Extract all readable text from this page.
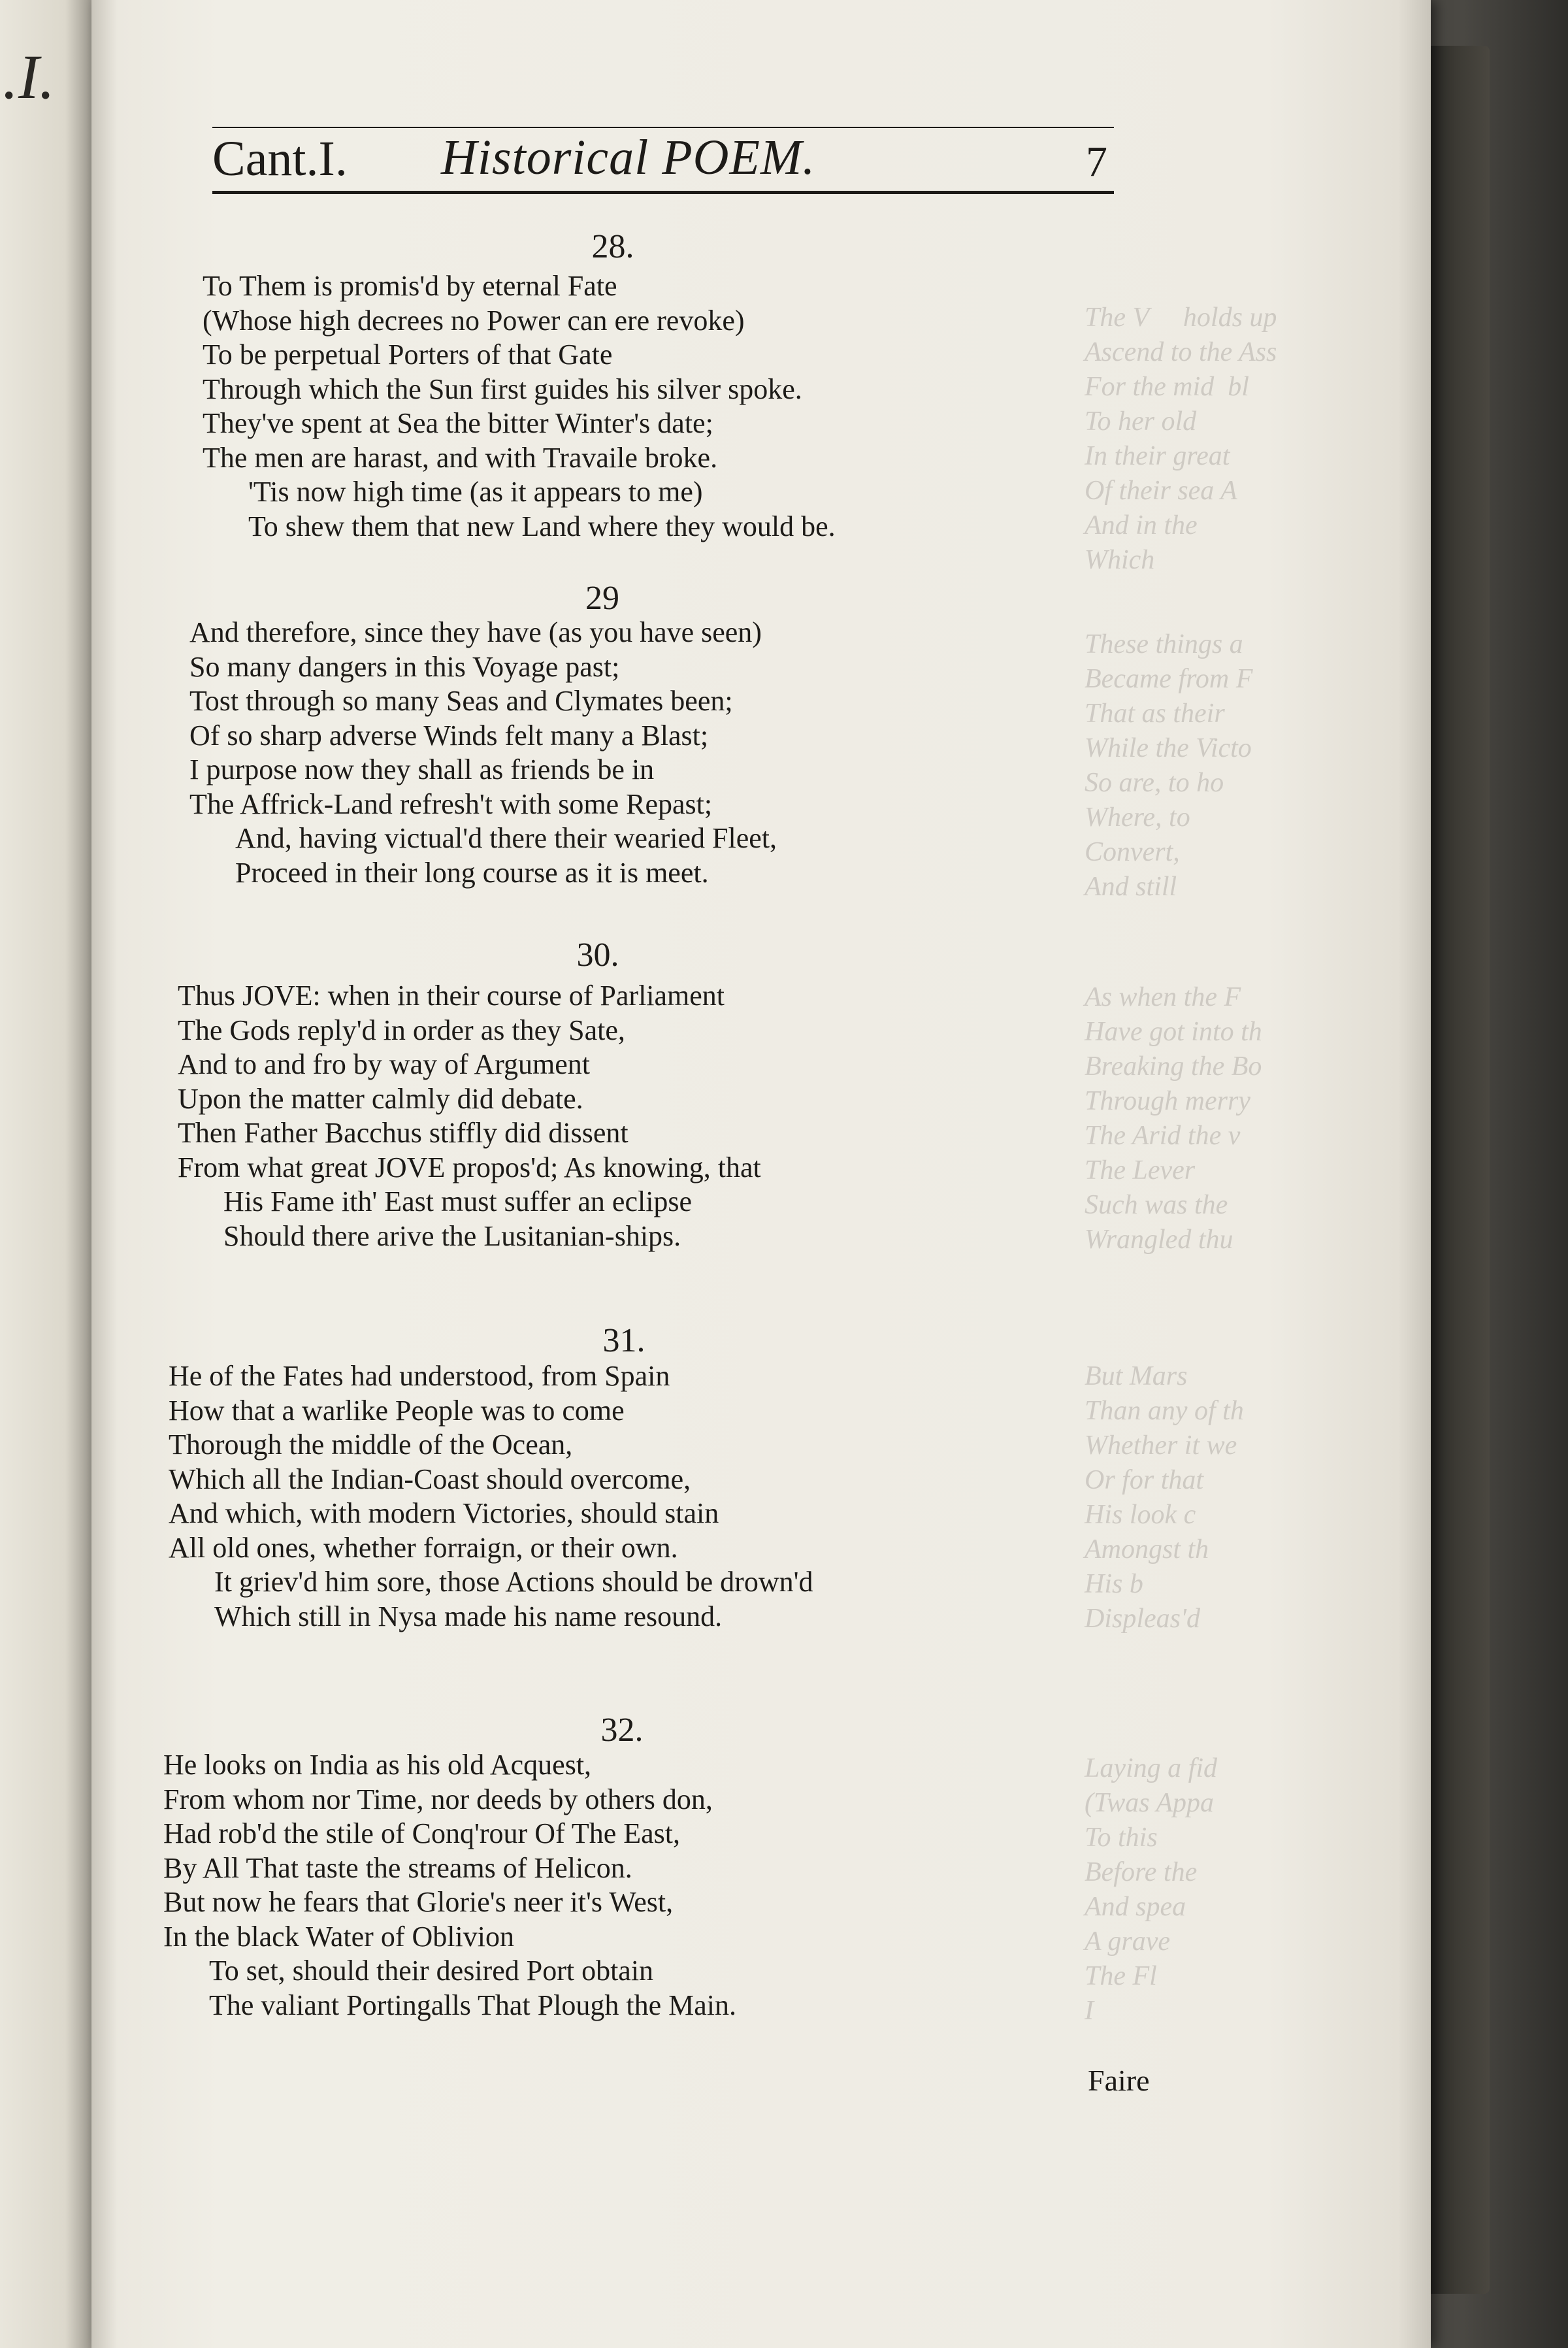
.I.
The V     holds up
Ascend to the Ass
For the mid  bl
To her old
In their great
Of their sea A
And in the
Which
These things a
Became from F
That as their
While the Victo
So are, to ho
Where, to
Convert,
And still
As when the F
Have got into th
Breaking the Bo
Through merry
The Arid the v
The Lever
Such was the
Wrangled thu
But Mars
Than any of th
Whether it we
Or for that
His look c
Amongst th
His b
Displeas'd
Laying a fid
(Twas Appa
To this
Before the
And spea
A grave
The Fl
I
Cant.I. Historical POEM.	7
28.
To Them is promis'd by eternal Fate
(Whose high decrees no Power can ere revoke)
To be perpetual Porters of that Gate
Through which the Sun first guides his silver spoke.
They've spent at Sea the bitter Winter's date;
The men are harast, and with Travaile broke.
'Tis now high time (as it appears to me)
To shew them that new Land where they would be.
29
And therefore, since they have (as you have seen)
So many dangers in this Voyage past;
Tost through so many Seas and Clymates been;
Of so sharp adverse Winds felt many a Blast;
I purpose now they shall as friends be in
The Affrick-Land refresh't with some Repast;
And, having victual'd there their wearied Fleet,
Proceed in their long course as it is meet.
30.
Thus JOVE: when in their course of Parliament
The Gods reply'd in order as they Sate,
And to and fro by way of Argument
Upon the matter calmly did debate.
Then Father Bacchus stiffly did dissent
From what great JOVE propos'd; As knowing, that
His Fame ith' East must suffer an eclipse
Should there arive the Lusitanian-ships.
31.
He of the Fates had understood, from Spain
How that a warlike People was to come
Thorough the middle of the Ocean,
Which all the Indian-Coast should overcome,
And which, with modern Victories, should stain
All old ones, whether forraign, or their own.
It griev'd him sore, those Actions should be drown'd
Which still in Nysa made his name resound.
32.
He looks on India as his old Acquest,
From whom nor Time, nor deeds by others don,
Had rob'd the stile of Conq'rour Of The East,
By All That taste the streams of Helicon.
But now he fears that Glorie's neer it's West,
In the black Water of Oblivion
To set, should their desired Port obtain
The valiant Portingalls That Plough the Main.
Faire
